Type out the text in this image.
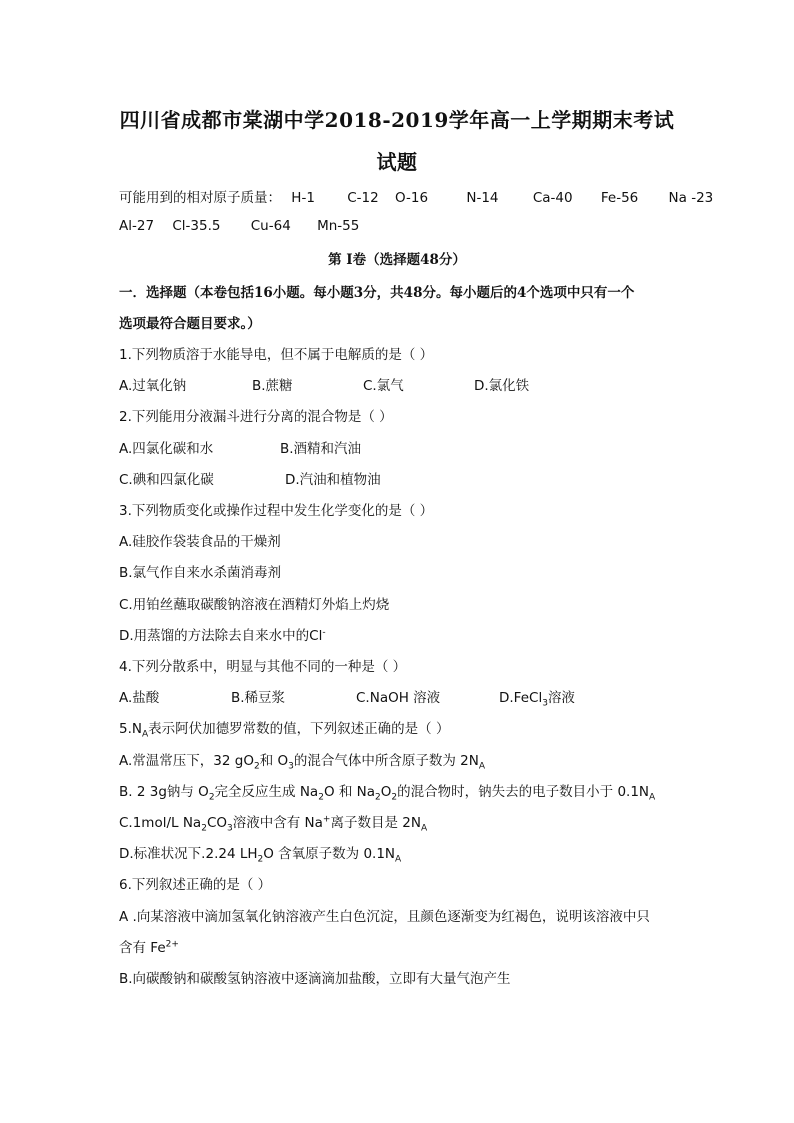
四川省成都市棠湖中学2018-2019学年高一上学期期末考试
试题
可能用到的相对原子质量： H-1 C-12 O-16	N-14	Ca-40 Fe-56 Na -23
Al-27 Cl-35.5 Cu-64 Mn-55
第 I卷（选择题48分）
一．选择题（本卷包括16小题。每小题3分，共48分。每小题后的4个选项中只有一个
选项最符合题目要求。）
1.下列物质溶于水能导电，但不属于电解质的是（ ）
A.过氧化钠	B.蔗糖	C.氯气	D.氯化铁
2.下列能用分液漏斗进行分离的混合物是（ ）
A.四氯化碳和水	B.酒精和汽油
C.碘和四氯化碳	D.汽油和植物油
3.下列物质变化或操作过程中发生化学变化的是（ ）
A.硅胶作袋装食品的干燥剂
B.氯气作自来水杀菌消毒剂
C.用铂丝蘸取碳酸钠溶液在酒精灯外焰上灼烧
D.用蒸馏的方法除去自来水中的Cl-
4.下列分散系中，明显与其他不同的一种是（ ）
A.盐酸	B.稀豆浆	C.NaOH 溶液	D.FeCl$_3$溶液
$5.N_A$表示阿伏加德罗常数的值，下列叙述正确的是（ ）
A.常温常压下，32 $gO_2$和 $O_3$的混合气体中所含原子数为 $2N_A$
B. 2 3g钠与 $O_2$完全反应生成 $Na_2O$ 和 $Na_2O_2$的混合物时，钠失去的电子数目小于 $0.1N_A$
C.1mol/L $Na_2CO_3$溶液中含有 Na+离子数目是 $2N_A$
D.标准状况下.2.24 $LH_2O$ 含氧原子数为 $0.1N_A$
6.下列叙述正确的是（ ）
A .向某溶液中滴加氢氧化钠溶液产生白色沉淀，且颜色逐渐变为红褐色，说明该溶液中只
含有 $Fe^{2+}$
B.向碳酸钠和碳酸氢钠溶液中逐滴滴加盐酸，立即有大量气泡产生
